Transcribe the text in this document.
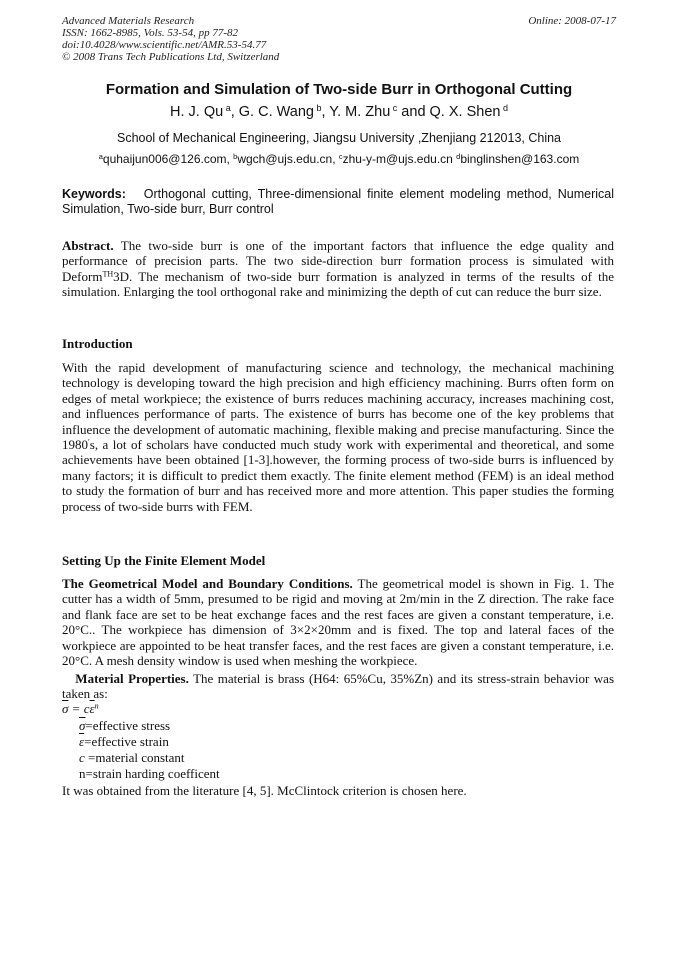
Advanced Materials Research
ISSN: 1662-8985, Vols. 53-54, pp 77-82
doi:10.4028/www.scientific.net/AMR.53-54.77
© 2008 Trans Tech Publications Ltd, Switzerland
Online: 2008-07-17
Formation and Simulation of Two-side Burr in Orthogonal Cutting
H. J. Qu $^a$, G. C. Wang $^b$, Y. M. Zhu $^c$ and Q. X. Shen $^d$
School of Mechanical Engineering, Jiangsu University ,Zhenjiang 212013, China
$^a$quhaijun006@126.com, $^b$wgch@ujs.edu.cn, $^c$zhu-y-m@ujs.edu.cn $^d$binglinshen@163.com
Keywords: Orthogonal cutting, Three-dimensional finite element modeling method, Numerical Simulation, Two-side burr, Burr control
Abstract. The two-side burr is one of the important factors that influence the edge quality and performance of precision parts. The two side-direction burr formation process is simulated with Deform$^{TH}$3D. The mechanism of two-side burr formation is analyzed in terms of the results of the simulation. Enlarging the tool orthogonal rake and minimizing the depth of cut can reduce the burr size.
Introduction
With the rapid development of manufacturing science and technology, the mechanical machining technology is developing toward the high precision and high efficiency machining. Burrs often form on edges of metal workpiece; the existence of burrs reduces machining accuracy, increases machining cost, and influences performance of parts. The existence of burrs has become one of the key problems that influence the development of automatic machining, flexible making and precise manufacturing. Since the 1980′s, a lot of scholars have conducted much study work with experimental and theoretical, and some achievements have been obtained [1-3].however, the forming process of two-side burrs is influenced by many factors; it is difficult to predict them exactly. The finite element method (FEM) is an ideal method to study the formation of burr and has received more and more attention. This paper studies the forming process of two-side burrs with FEM.
Setting Up the Finite Element Model
The Geometrical Model and Boundary Conditions. The geometrical model is shown in Fig. 1. The cutter has a width of 5mm, presumed to be rigid and moving at 2m/min in the Z direction. The rake face and flank face are set to be heat exchange faces and the rest faces are given a constant temperature, i.e. 20°C.. The workpiece has dimension of 3×2×20mm and is fixed. The top and lateral faces of the workpiece are appointed to be heat transfer faces, and the rest faces are given a constant temperature, i.e. 20°C. A mesh density window is used when meshing the workpiece.
Material Properties. The material is brass (H64: 65%Cu, 35%Zn) and its stress-strain behavior was taken as:
$\overline{\sigma} = c\overline{\varepsilon}^n$
$\overline{\sigma}=effective$ stress
$\overline{\varepsilon}=effective$ strain
c =material constant
n=strain harding coefficent
It was obtained from the literature [4, 5]. McClintock criterion is chosen here.
